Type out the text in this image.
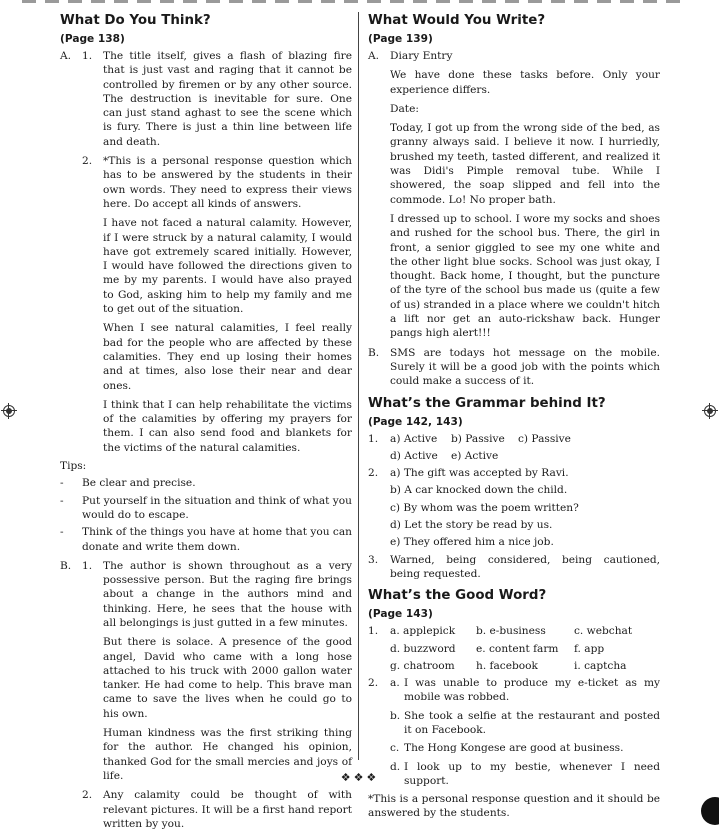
What Do You Think?
(Page 138)
A. 1. The title itself, gives a flash of blazing fire that is just vast and raging that it cannot be controlled by firemen or by any other source. The destruction is inevitable for sure. One can just stand aghast to see the scene which is fury. There is just a thin line between life and death.

2. *This is a personal response question which has to be answered by the students in their own words. They need to express their views here. Do accept all kinds of answers.

I have not faced a natural calamity. However, if I were struck by a natural calamity, I would have got extremely scared initially. However, I would have followed the directions given to me by my parents. I would have also prayed to God, asking him to help my family and me to get out of the situation.

When I see natural calamities, I feel really bad for the people who are affected by these calamities. They end up losing their homes and at times, also lose their near and dear ones.

I think that I can help rehabilitate the victims of the calamities by offering my prayers for them. I can also send food and blankets for the victims of the natural calamities.

Tips:
- Be clear and precise.

- Put yourself in the situation and think of what you would do to escape.

- Think of the things you have at home that you can donate and write them down.

B. 1. The author is shown throughout as a very possessive person. But the raging fire brings about a change in the authors mind and thinking. Here, he sees that the house with all belongings is just gutted in a few minutes.

But there is solace. A presence of the good angel, David who came with a long hose attached to his truck with 2000 gallon water tanker. He had come to help. This brave man came to save the lives when he could go to his own.

Human kindness was the first striking thing for the author. He changed his opinion, thanked God for the small mercies and joys of life.

2. Any calamity could be thought of with relevant pictures. It will be a first hand report written by you.

What Would You Write?
(Page 139)
A. Diary Entry

We have done these tasks before. Only your experience differs.

Date:

Today, I got up from the wrong side of the bed, as granny always said. I believe it now. I hurriedly, brushed my teeth, tasted different, and realized it was Didi's Pimple removal tube. While I showered, the soap slipped and fell into the commode. Lo! No proper bath.

I dressed up to school. I wore my socks and shoes and rushed for the school bus. There, the girl in front, a senior giggled to see my one white and the other light blue socks. School was just okay, I thought. Back home, I thought, but the puncture of the tyre of the school bus made us (quite a few of us) stranded in a place where we couldn't hitch a lift nor get an auto-rickshaw back. Hunger pangs high alert!!!

B. SMS are todays hot message on the mobile. Surely it will be a good job with the points which could make a success of it.

What’s the Grammar behind It?
(Page 142, 143)
1. a) Active	b) Passive	c) Passive
d) Active	e) Active
2. a) The gift was accepted by Ravi.

b) A car knocked down the child.

c) By whom was the poem written?

d) Let the story be read by us.

e) They offered him a nice job.

3. Warned, being considered, being cautioned, being requested.

What’s the Good Word?
(Page 143)
1. a. applepick	b. e-business	c. webchat
d. buzzword	e. content farm	f. app
g. chatroom	h. facebook	i. captcha
2. a. I was unable to produce my e-ticket as my mobile was robbed.

b. She took a selfie at the restaurant and posted it on Facebook.

c. The Hong Kongese are good at business.

d. I look up to my bestie, whenever I need support.

*This is a personal response question and it should be answered by the students.

❖❖❖
